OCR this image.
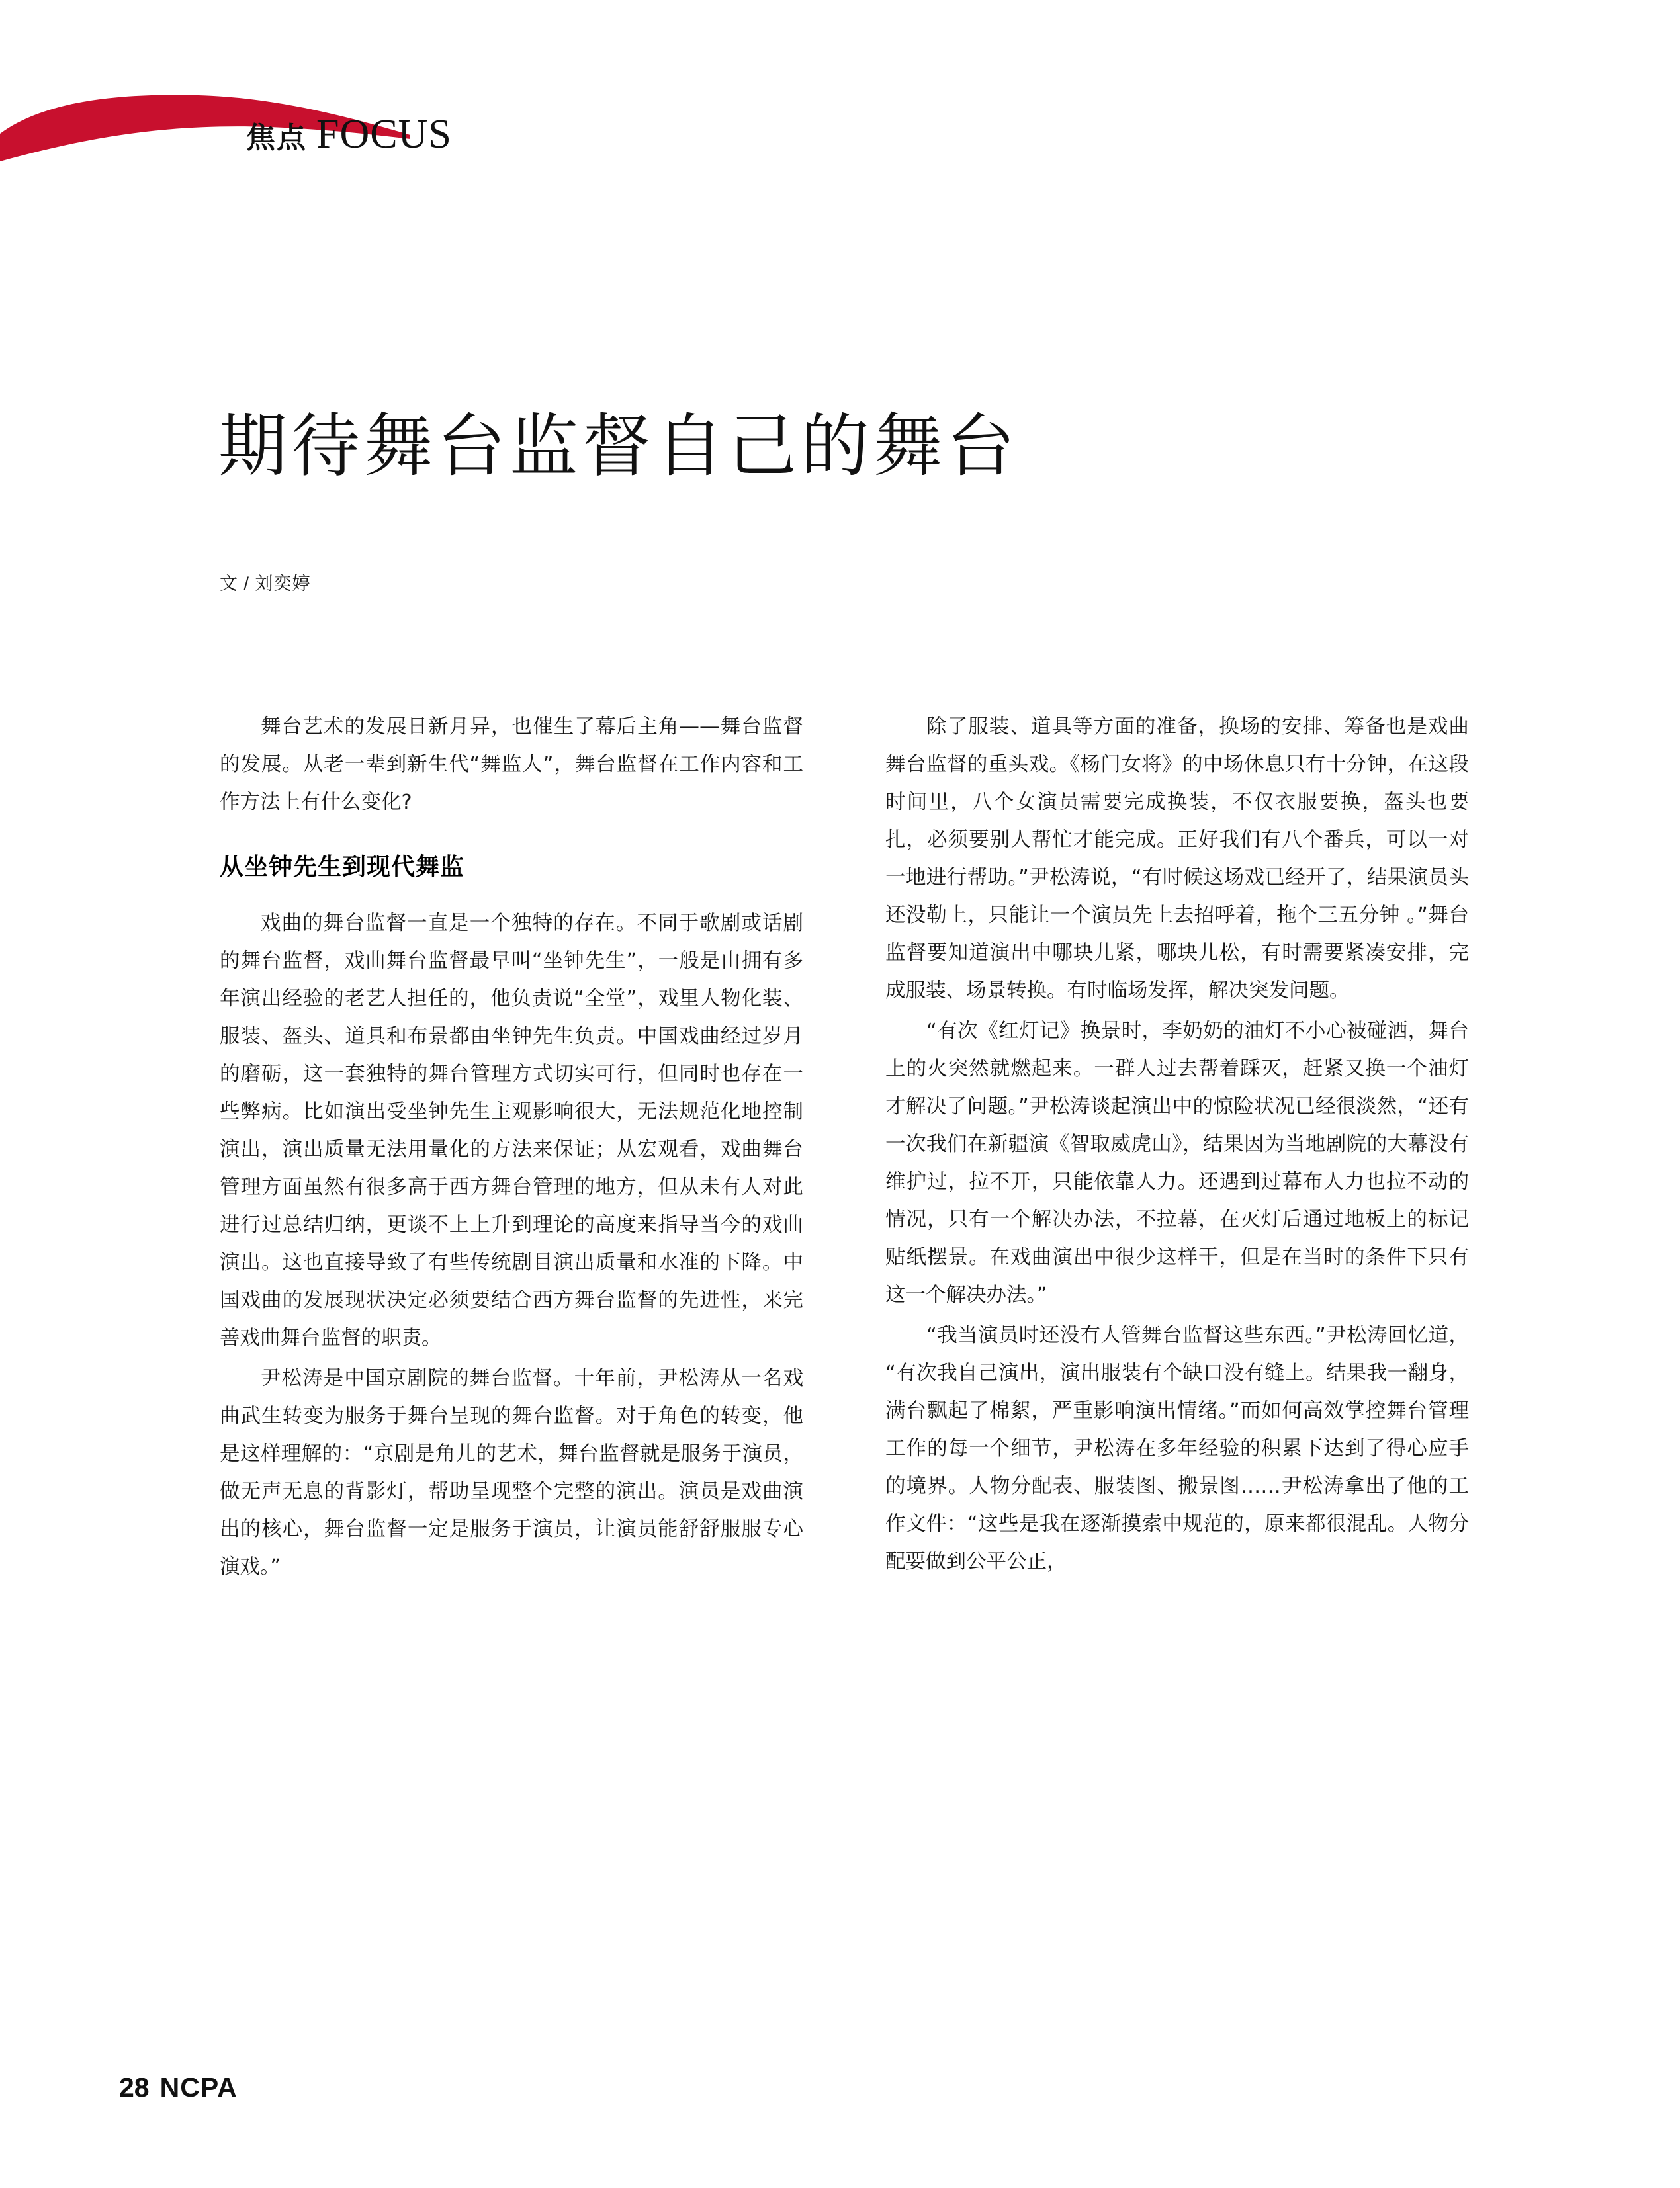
焦点 FOCUS
期待舞台监督自己的舞台
文 / 刘奕婷

舞台艺术的发展日新月异，也催生了幕后主角——舞台监督的发展。从老一辈到新生代“舞监人”，舞台监督在工作内容和工作方法上有什么变化?

从坐钟先生到现代舞监

戏曲的舞台监督一直是一个独特的存在。不同于歌剧或话剧的舞台监督，戏曲舞台监督最早叫“坐钟先生”，一般是由拥有多年演出经验的老艺人担任的，他负责说“全堂”，戏里人物化装、服装、盔头、道具和布景都由坐钟先生负责。中国戏曲经过岁月的磨砺，这一套独特的舞台管理方式切实可行，但同时也存在一些弊病。比如演出受坐钟先生主观影响很大，无法规范化地控制演出，演出质量无法用量化的方法来保证；从宏观看，戏曲舞台管理方面虽然有很多高于西方舞台管理的地方，但从未有人对此进行过总结归纳，更谈不上上升到理论的高度来指导当今的戏曲演出。这也直接导致了有些传统剧目演出质量和水准的下降。中国戏曲的发展现状决定必须要结合西方舞台监督的先进性，来完善戏曲舞台监督的职责。

尹松涛是中国京剧院的舞台监督。十年前，尹松涛从一名戏曲武生转变为服务于舞台呈现的舞台监督。对于角色的转变，他是这样理解的：“京剧是角儿的艺术，舞台监督就是服务于演员，做无声无息的背影灯，帮助呈现整个完整的演出。演员是戏曲演出的核心，舞台监督一定是服务于演员，让演员能舒舒服服专心演戏。”

除了服装、道具等方面的准备，换场的安排、筹备也是戏曲舞台监督的重头戏。《杨门女将》的中场休息只有十分钟，在这段时间里，八个女演员需要完成换装，不仅衣服要换，盔头也要扎，必须要别人帮忙才能完成。正好我们有八个番兵，可以一对一地进行帮助。”尹松涛说，“有时候这场戏已经开了，结果演员头还没勒上，只能让一个演员先上去招呼着，拖个三五分钟 。”舞台监督要知道演出中哪块儿紧，哪块儿松，有时需要紧凑安排，完成服装、场景转换。有时临场发挥，解决突发问题。

“有次《红灯记》换景时，李奶奶的油灯不小心被碰洒，舞台上的火突然就燃起来。一群人过去帮着踩灭，赶紧又换一个油灯才解决了问题。”尹松涛谈起演出中的惊险状况已经很淡然，“还有一次我们在新疆演《智取威虎山》，结果因为当地剧院的大幕没有维护过，拉不开，只能依靠人力。还遇到过幕布人力也拉不动的情况，只有一个解决办法，不拉幕，在灭灯后通过地板上的标记贴纸摆景。在戏曲演出中很少这样干，但是在当时的条件下只有这一个解决办法。”

“我当演员时还没有人管舞台监督这些东西。”尹松涛回忆道，“有次我自己演出，演出服装有个缺口没有缝上。结果我一翻身，满台飘起了棉絮，严重影响演出情绪。”而如何高效掌控舞台管理工作的每一个细节，尹松涛在多年经验的积累下达到了得心应手的境界。人物分配表、服装图、搬景图……尹松涛拿出了他的工作文件：“这些是我在逐渐摸索中规范的，原来都很混乱。人物分配要做到公平公正，

28 NCPA
